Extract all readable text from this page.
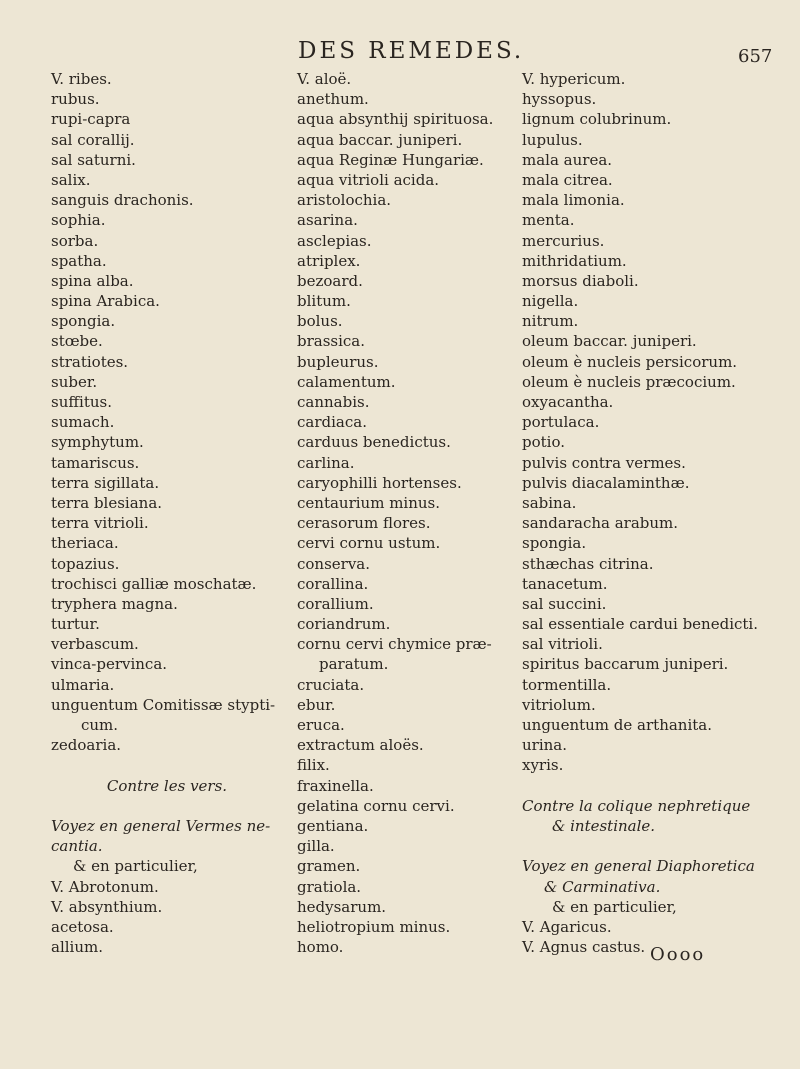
DES REMEDES.	657
V. ribes.
rubus.
rupi-capra
sal corallij.
sal saturni.
salix.
sanguis drachonis.
sophia.
sorba.
spatha.
spina alba.
spina Arabica.
spongia.
stœbe.
stratiotes.
suber.
suffitus.
sumach.
symphytum.
tamariscus.
terra sigillata.
terra blesiana.
terra vitrioli.
theriaca.
topazius.
trochisci galliæ moschatæ.
tryphera magna.
turtur.
verbascum.
vinca-pervinca.
ulmaria.
unguentum Comitissæ stypti-
cum.
zedoaria.
Contre les vers.
Voyez en general Vermes ne-
cantia.
& en particulier,
V. Abrotonum.
V. absynthium.
acetosa.
allium.
V. aloë.
anethum.
aqua absynthij spirituosa.
aqua baccar. juniperi.
aqua Reginæ Hungariæ.
aqua vitrioli acida.
aristolochia.
asarina.
asclepias.
atriplex.
bezoard.
blitum.
bolus.
brassica.
bupleurus.
calamentum.
cannabis.
cardiaca.
carduus benedictus.
carlina.
caryophilli hortenses.
centaurium minus.
cerasorum flores.
cervi cornu ustum.
conserva.
corallina.
corallium.
coriandrum.
cornu cervi chymice præ-
paratum.
cruciata.
ebur.
eruca.
extractum aloës.
filix.
fraxinella.
gelatina cornu cervi.
gentiana.
gilla.
gramen.
gratiola.
hedysarum.
heliotropium minus.
homo.
V. hypericum.
hyssopus.
lignum colubrinum.
lupulus.
mala aurea.
mala citrea.
mala limonia.
menta.
mercurius.
mithridatium.
morsus diaboli.
nigella.
nitrum.
oleum baccar. juniperi.
oleum è nucleis persicorum.
oleum è nucleis præcocium.
oxyacantha.
portulaca.
potio.
pulvis contra vermes.
pulvis diacalaminthæ.
sabina.
sandaracha arabum.
spongia.
sthæchas citrina.
tanacetum.
sal succini.
sal essentiale cardui benedicti.
sal vitrioli.
spiritus baccarum juniperi.
tormentilla.
vitriolum.
unguentum de arthanita.
urina.
xyris.
Contre la colique nephretique
& intestinale.
Voyez en general Diaphoretica
& Carminativa.
& en particulier,
V. Agaricus.
V. Agnus castus. Oooo
